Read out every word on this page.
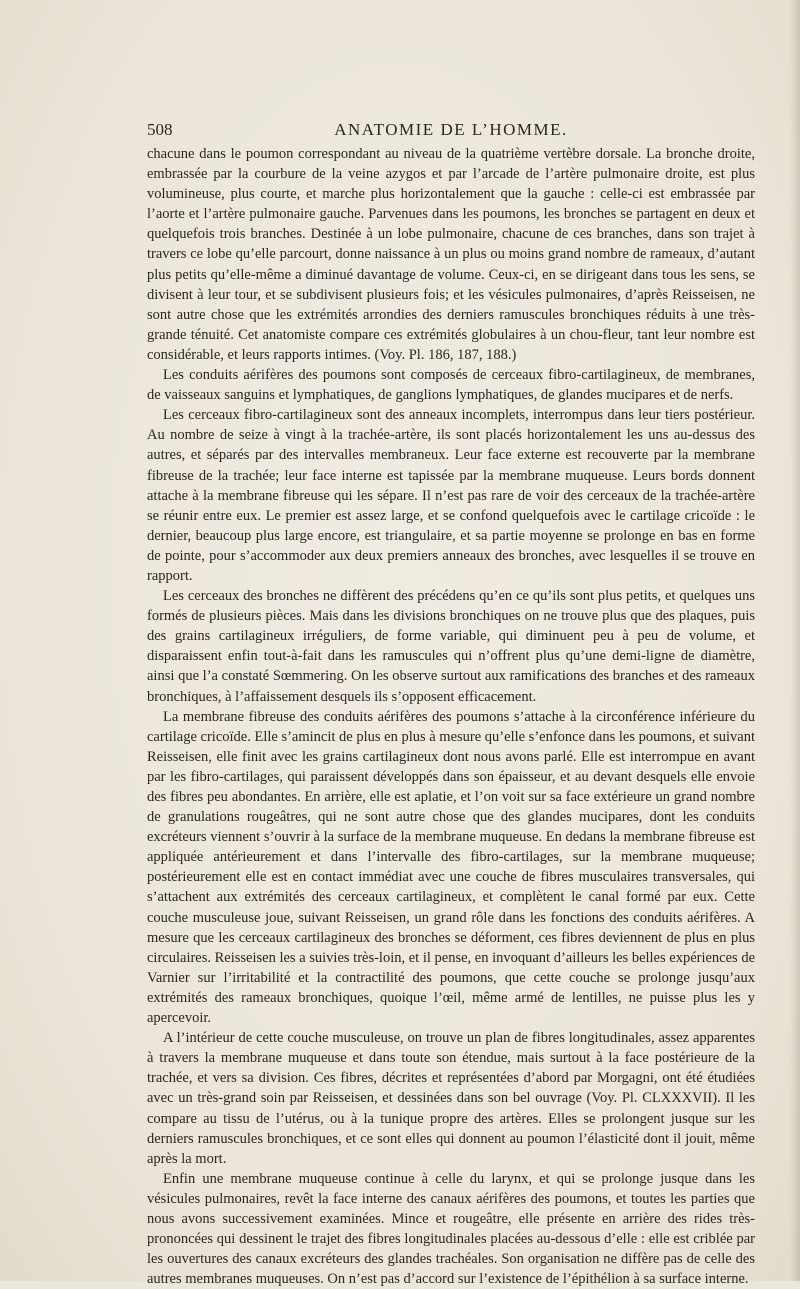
508	ANATOMIE DE L’HOMME.

chacune dans le poumon correspondant au niveau de la quatrième vertèbre dorsale. La bronche droite, embrassée par la courbure de la veine azygos et par l’arcade de l’artère pulmonaire droite, est plus volumineuse, plus courte, et marche plus horizontalement que la gauche : celle-ci est embrassée par l’aorte et l’artère pulmonaire gauche. Parvenues dans les poumons, les bronches se partagent en deux et quelquefois trois branches. Destinée à un lobe pulmonaire, chacune de ces branches, dans son trajet à travers ce lobe qu’elle parcourt, donne naissance à un plus ou moins grand nombre de rameaux, d’autant plus petits qu’elle-même a diminué davantage de volume. Ceux-ci, en se dirigeant dans tous les sens, se divisent à leur tour, et se subdivisent plusieurs fois; et les vésicules pulmonaires, d’après Reisseisen, ne sont autre chose que les extrémités arrondies des derniers ramuscules bronchiques réduits à une très-grande ténuité. Cet anatomiste compare ces extrémités globulaires à un chou-fleur, tant leur nombre est considérable, et leurs rapports intimes. (Voy. Pl. 186, 187, 188.)

Les conduits aérifères des poumons sont composés de cerceaux fibro-cartilagineux, de membranes, de vaisseaux sanguins et lymphatiques, de ganglions lymphatiques, de glandes mucipares et de nerfs.

Les cerceaux fibro-cartilagineux sont des anneaux incomplets, interrompus dans leur tiers postérieur. Au nombre de seize à vingt à la trachée-artère, ils sont placés horizontalement les uns au-dessus des autres, et séparés par des intervalles membraneux. Leur face externe est recouverte par la membrane fibreuse de la trachée; leur face interne est tapissée par la membrane muqueuse. Leurs bords donnent attache à la membrane fibreuse qui les sépare. Il n’est pas rare de voir des cerceaux de la trachée-artère se réunir entre eux. Le premier est assez large, et se confond quelquefois avec le cartilage cricoïde : le dernier, beaucoup plus large encore, est triangulaire, et sa partie moyenne se prolonge en bas en forme de pointe, pour s’accommoder aux deux premiers anneaux des bronches, avec lesquelles il se trouve en rapport.

Les cerceaux des bronches ne diffèrent des précédens qu’en ce qu’ils sont plus petits, et quelques uns formés de plusieurs pièces. Mais dans les divisions bronchiques on ne trouve plus que des plaques, puis des grains cartilagineux irréguliers, de forme variable, qui diminuent peu à peu de volume, et disparaissent enfin tout-à-fait dans les ramuscules qui n’offrent plus qu’une demi-ligne de diamètre, ainsi que l’a constaté Sœmmering. On les observe surtout aux ramifications des branches et des rameaux bronchiques, à l’affaissement desquels ils s’opposent efficacement.

La membrane fibreuse des conduits aérifères des poumons s’attache à la circonférence inférieure du cartilage cricoïde. Elle s’amincit de plus en plus à mesure qu’elle s’enfonce dans les poumons, et suivant Reisseisen, elle finit avec les grains cartilagineux dont nous avons parlé. Elle est interrompue en avant par les fibro-cartilages, qui paraissent développés dans son épaisseur, et au devant desquels elle envoie des fibres peu abondantes. En arrière, elle est aplatie, et l’on voit sur sa face extérieure un grand nombre de granulations rougeâtres, qui ne sont autre chose que des glandes mucipares, dont les conduits excréteurs viennent s’ouvrir à la surface de la membrane muqueuse. En dedans la membrane fibreuse est appliquée antérieurement et dans l’intervalle des fibro-cartilages, sur la membrane muqueuse; postérieurement elle est en contact immédiat avec une couche de fibres musculaires transversales, qui s’attachent aux extrémités des cerceaux cartilagineux, et complètent le canal formé par eux. Cette couche musculeuse joue, suivant Reisseisen, un grand rôle dans les fonctions des conduits aérifères. A mesure que les cerceaux cartilagineux des bronches se déforment, ces fibres deviennent de plus en plus circulaires. Reisseisen les a suivies très-loin, et il pense, en invoquant d’ailleurs les belles expériences de Varnier sur l’irritabilité et la contractilité des poumons, que cette couche se prolonge jusqu’aux extrémités des rameaux bronchiques, quoique l’œil, même armé de lentilles, ne puisse plus les y apercevoir.

A l’intérieur de cette couche musculeuse, on trouve un plan de fibres longitudinales, assez apparentes à travers la membrane muqueuse et dans toute son étendue, mais surtout à la face postérieure de la trachée, et vers sa division. Ces fibres, décrites et représentées d’abord par Morgagni, ont été étudiées avec un très-grand soin par Reisseisen, et dessinées dans son bel ouvrage (Voy. Pl. CLXXXVII). Il les compare au tissu de l’utérus, ou à la tunique propre des artères. Elles se prolongent jusque sur les derniers ramuscules bronchiques, et ce sont elles qui donnent au poumon l’élasticité dont il jouit, même après la mort.

Enfin une membrane muqueuse continue à celle du larynx, et qui se prolonge jusque dans les vésicules pulmonaires, revêt la face interne des canaux aérifères des poumons, et toutes les parties que nous avons successivement examinées. Mince et rougeâtre, elle présente en arrière des rides très-prononcées qui dessinent le trajet des fibres longitudinales placées au-dessous d’elle : elle est criblée par les ouvertures des canaux excréteurs des glandes trachéales. Son organisation ne diffère pas de celle des autres membranes muqueuses. On n’est pas d’accord sur l’existence de l’épithélion à sa surface interne.
